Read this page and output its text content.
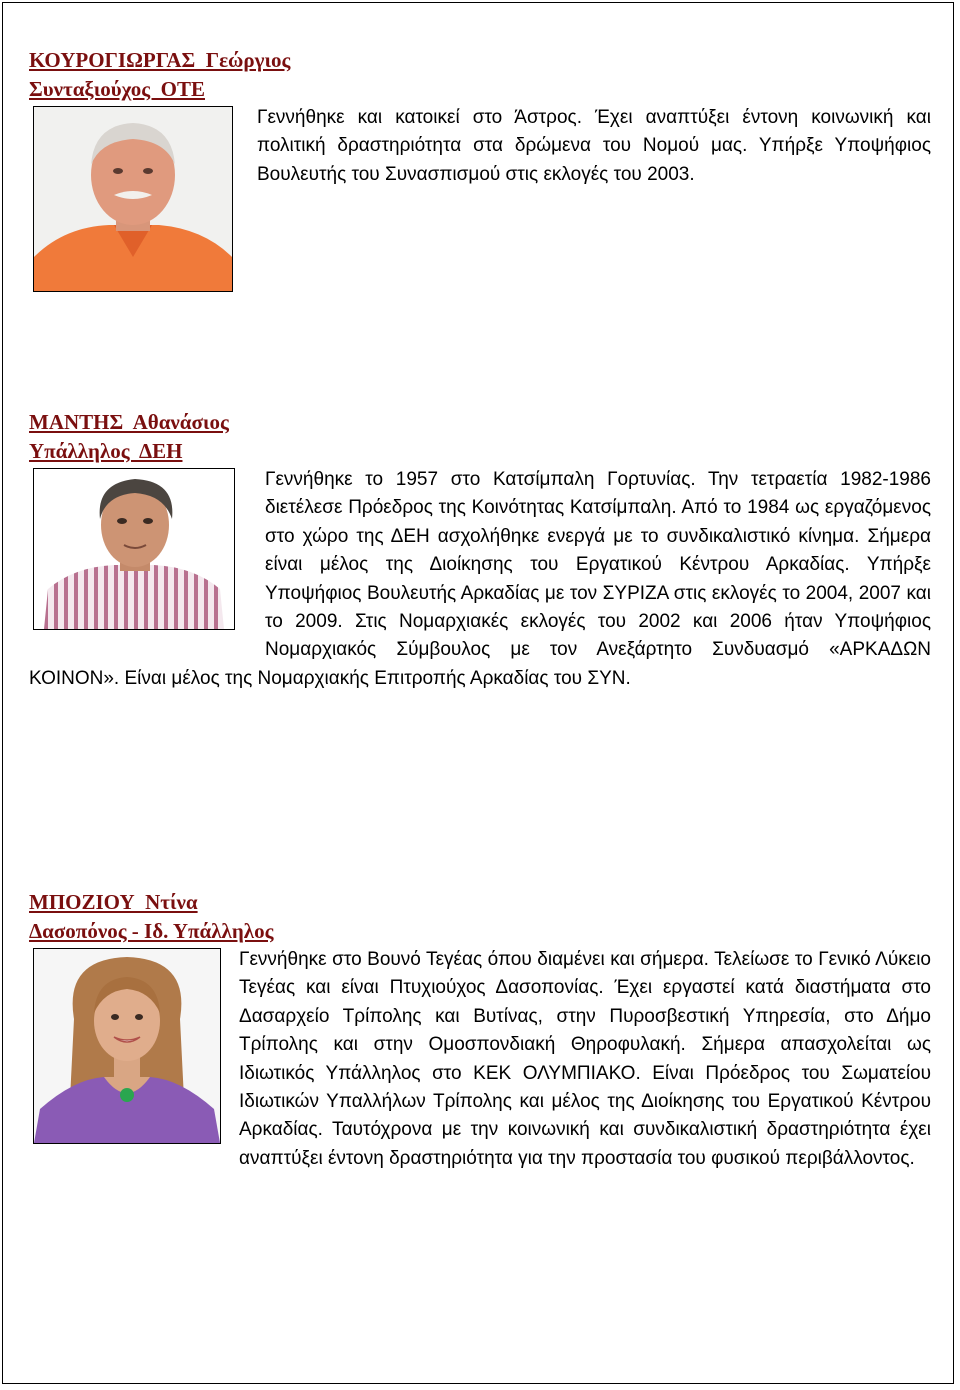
ΚΟΥΡΟΓΙΩΡΓΑΣ  Γεώργιος
Συνταξιούχος  ΟΤΕ

Γεννήθηκε και κατοικεί στο Άστρος. Έχει αναπτύξει έντονη κοινωνική και πολιτική δραστηριότητα στα δρώμενα του Νομού μας. Υπήρξε Υποψήφιος Βουλευτής του Συνασπισμού στις εκλογές του 2003.

ΜΑΝΤΗΣ  Αθανάσιος
Υπάλληλος  ΔΕΗ

Γεννήθηκε το 1957 στο Κατσίμπαλη Γορτυνίας. Την τετραετία 1982-1986 διετέλεσε Πρόεδρος της Κοινότητας Κατσίμπαλη. Από το 1984 ως εργαζόμενος στο χώρο της ΔΕΗ ασχολήθηκε ενεργά με το συνδικαλιστικό κίνημα. Σήμερα είναι μέλος της Διοίκησης του Εργατικού Κέντρου Αρκαδίας. Υπήρξε Υποψήφιος Βουλευτής Αρκαδίας με τον ΣΥΡΙΖΑ στις εκλογές το 2004, 2007 και το 2009. Στις Νομαρχιακές εκλογές του 2002 και 2006 ήταν Υποψήφιος Νομαρχιακός Σύμβουλος με τον Ανεξάρτητο Συνδυασμό «ΑΡΚΑΔΩΝ ΚΟΙΝΟΝ». Είναι μέλος της Νομαρχιακής Επιτροπής Αρκαδίας του ΣΥΝ.

ΜΠΟΖΙΟΥ  Ντίνα
Δασοπόνος - Ιδ. Υπάλληλος

Γεννήθηκε στο Βουνό Τεγέας όπου διαμένει και σήμερα. Τελείωσε το Γενικό Λύκειο Τεγέας και είναι Πτυχιούχος Δασοπονίας. Έχει εργαστεί κατά διαστήματα στο Δασαρχείο Τρίπολης και Βυτίνας, στην Πυροσβεστική Υπηρεσία, στο Δήμο Τρίπολης και στην Ομοσπονδιακή Θηροφυλακή. Σήμερα απασχολείται ως Ιδιωτικός Υπάλληλος στο ΚΕΚ ΟΛΥΜΠΙΑΚΟ. Είναι Πρόεδρος του Σωματείου Ιδιωτικών Υπαλλήλων Τρίπολης και μέλος της Διοίκησης του Εργατικού Κέντρου Αρκαδίας. Ταυτόχρονα με την κοινωνική και συνδικαλιστική δραστηριότητα έχει αναπτύξει έντονη δραστηριότητα για την προστασία του φυσικού περιβάλλοντος.
